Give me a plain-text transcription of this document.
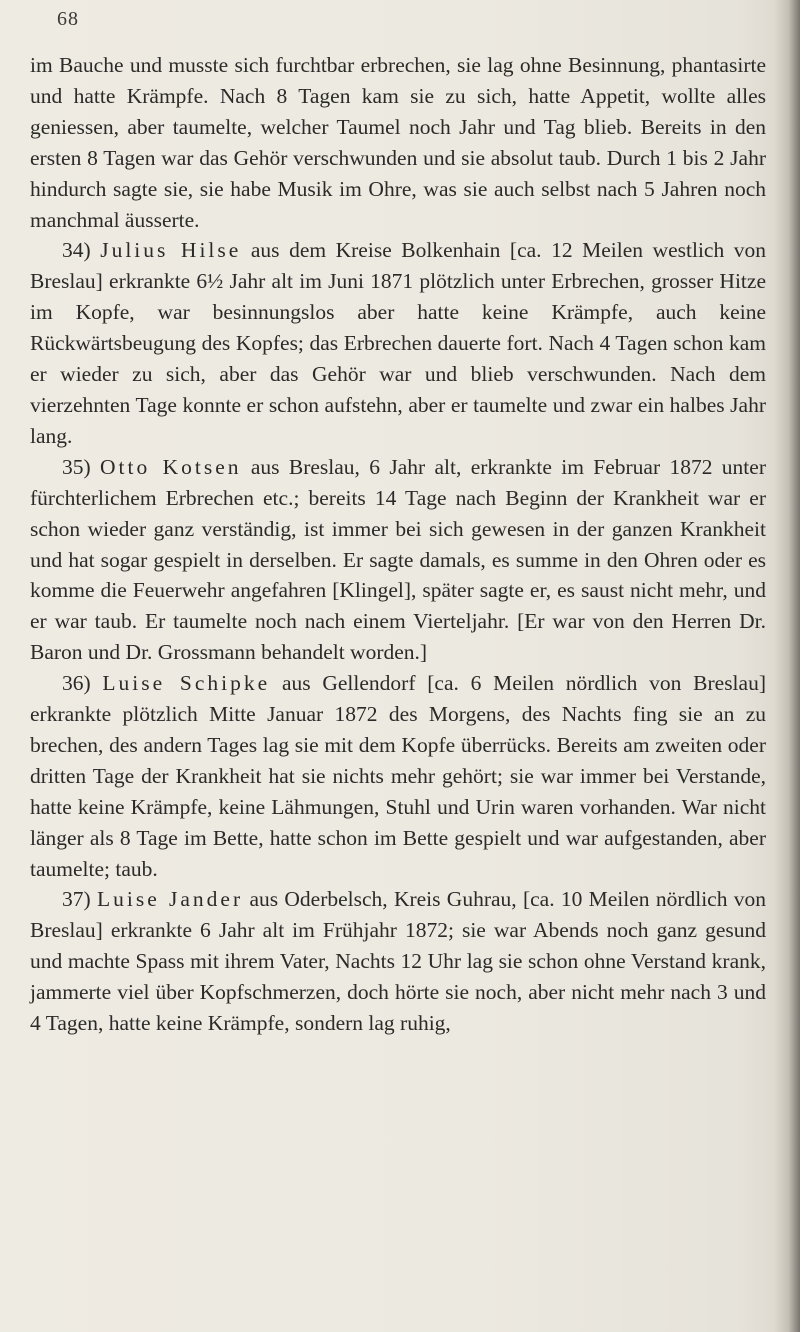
68

im Bauche und musste sich furchtbar erbrechen, sie lag ohne Besinnung, phantasirte und hatte Krämpfe. Nach 8 Tagen kam sie zu sich, hatte Appetit, wollte alles geniessen, aber taumelte, welcher Taumel noch Jahr und Tag blieb. Bereits in den ersten 8 Tagen war das Gehör verschwunden und sie absolut taub. Durch 1 bis 2 Jahr hindurch sagte sie, sie habe Musik im Ohre, was sie auch selbst nach 5 Jahren noch manchmal äusserte.

34) Julius Hilse aus dem Kreise Bolkenhain [ca. 12 Meilen westlich von Breslau] erkrankte 6½ Jahr alt im Juni 1871 plötzlich unter Erbrechen, grosser Hitze im Kopfe, war besinnungslos aber hatte keine Krämpfe, auch keine Rückwärtsbeugung des Kopfes; das Erbrechen dauerte fort. Nach 4 Tagen schon kam er wieder zu sich, aber das Gehör war und blieb verschwunden. Nach dem vierzehnten Tage konnte er schon aufstehn, aber er taumelte und zwar ein halbes Jahr lang.

35) Otto Kotsen aus Breslau, 6 Jahr alt, erkrankte im Februar 1872 unter fürchterlichem Erbrechen etc.; bereits 14 Tage nach Beginn der Krankheit war er schon wieder ganz verständig, ist immer bei sich gewesen in der ganzen Krankheit und hat sogar gespielt in derselben. Er sagte damals, es summe in den Ohren oder es komme die Feuerwehr angefahren [Klingel], später sagte er, es saust nicht mehr, und er war taub. Er taumelte noch nach einem Vierteljahr. [Er war von den Herren Dr. Baron und Dr. Grossmann behandelt worden.]

36) Luise Schipke aus Gellendorf [ca. 6 Meilen nördlich von Breslau] erkrankte plötzlich Mitte Januar 1872 des Morgens, des Nachts fing sie an zu brechen, des andern Tages lag sie mit dem Kopfe überrücks. Bereits am zweiten oder dritten Tage der Krankheit hat sie nichts mehr gehört; sie war immer bei Verstande, hatte keine Krämpfe, keine Lähmungen, Stuhl und Urin waren vorhanden. War nicht länger als 8 Tage im Bette, hatte schon im Bette gespielt und war aufgestanden, aber taumelte; taub.

37) Luise Jander aus Oderbelsch, Kreis Guhrau, [ca. 10 Meilen nördlich von Breslau] erkrankte 6 Jahr alt im Frühjahr 1872; sie war Abends noch ganz gesund und machte Spass mit ihrem Vater, Nachts 12 Uhr lag sie schon ohne Verstand krank, jammerte viel über Kopfschmerzen, doch hörte sie noch, aber nicht mehr nach 3 und 4 Tagen, hatte keine Krämpfe, sondern lag ruhig,
